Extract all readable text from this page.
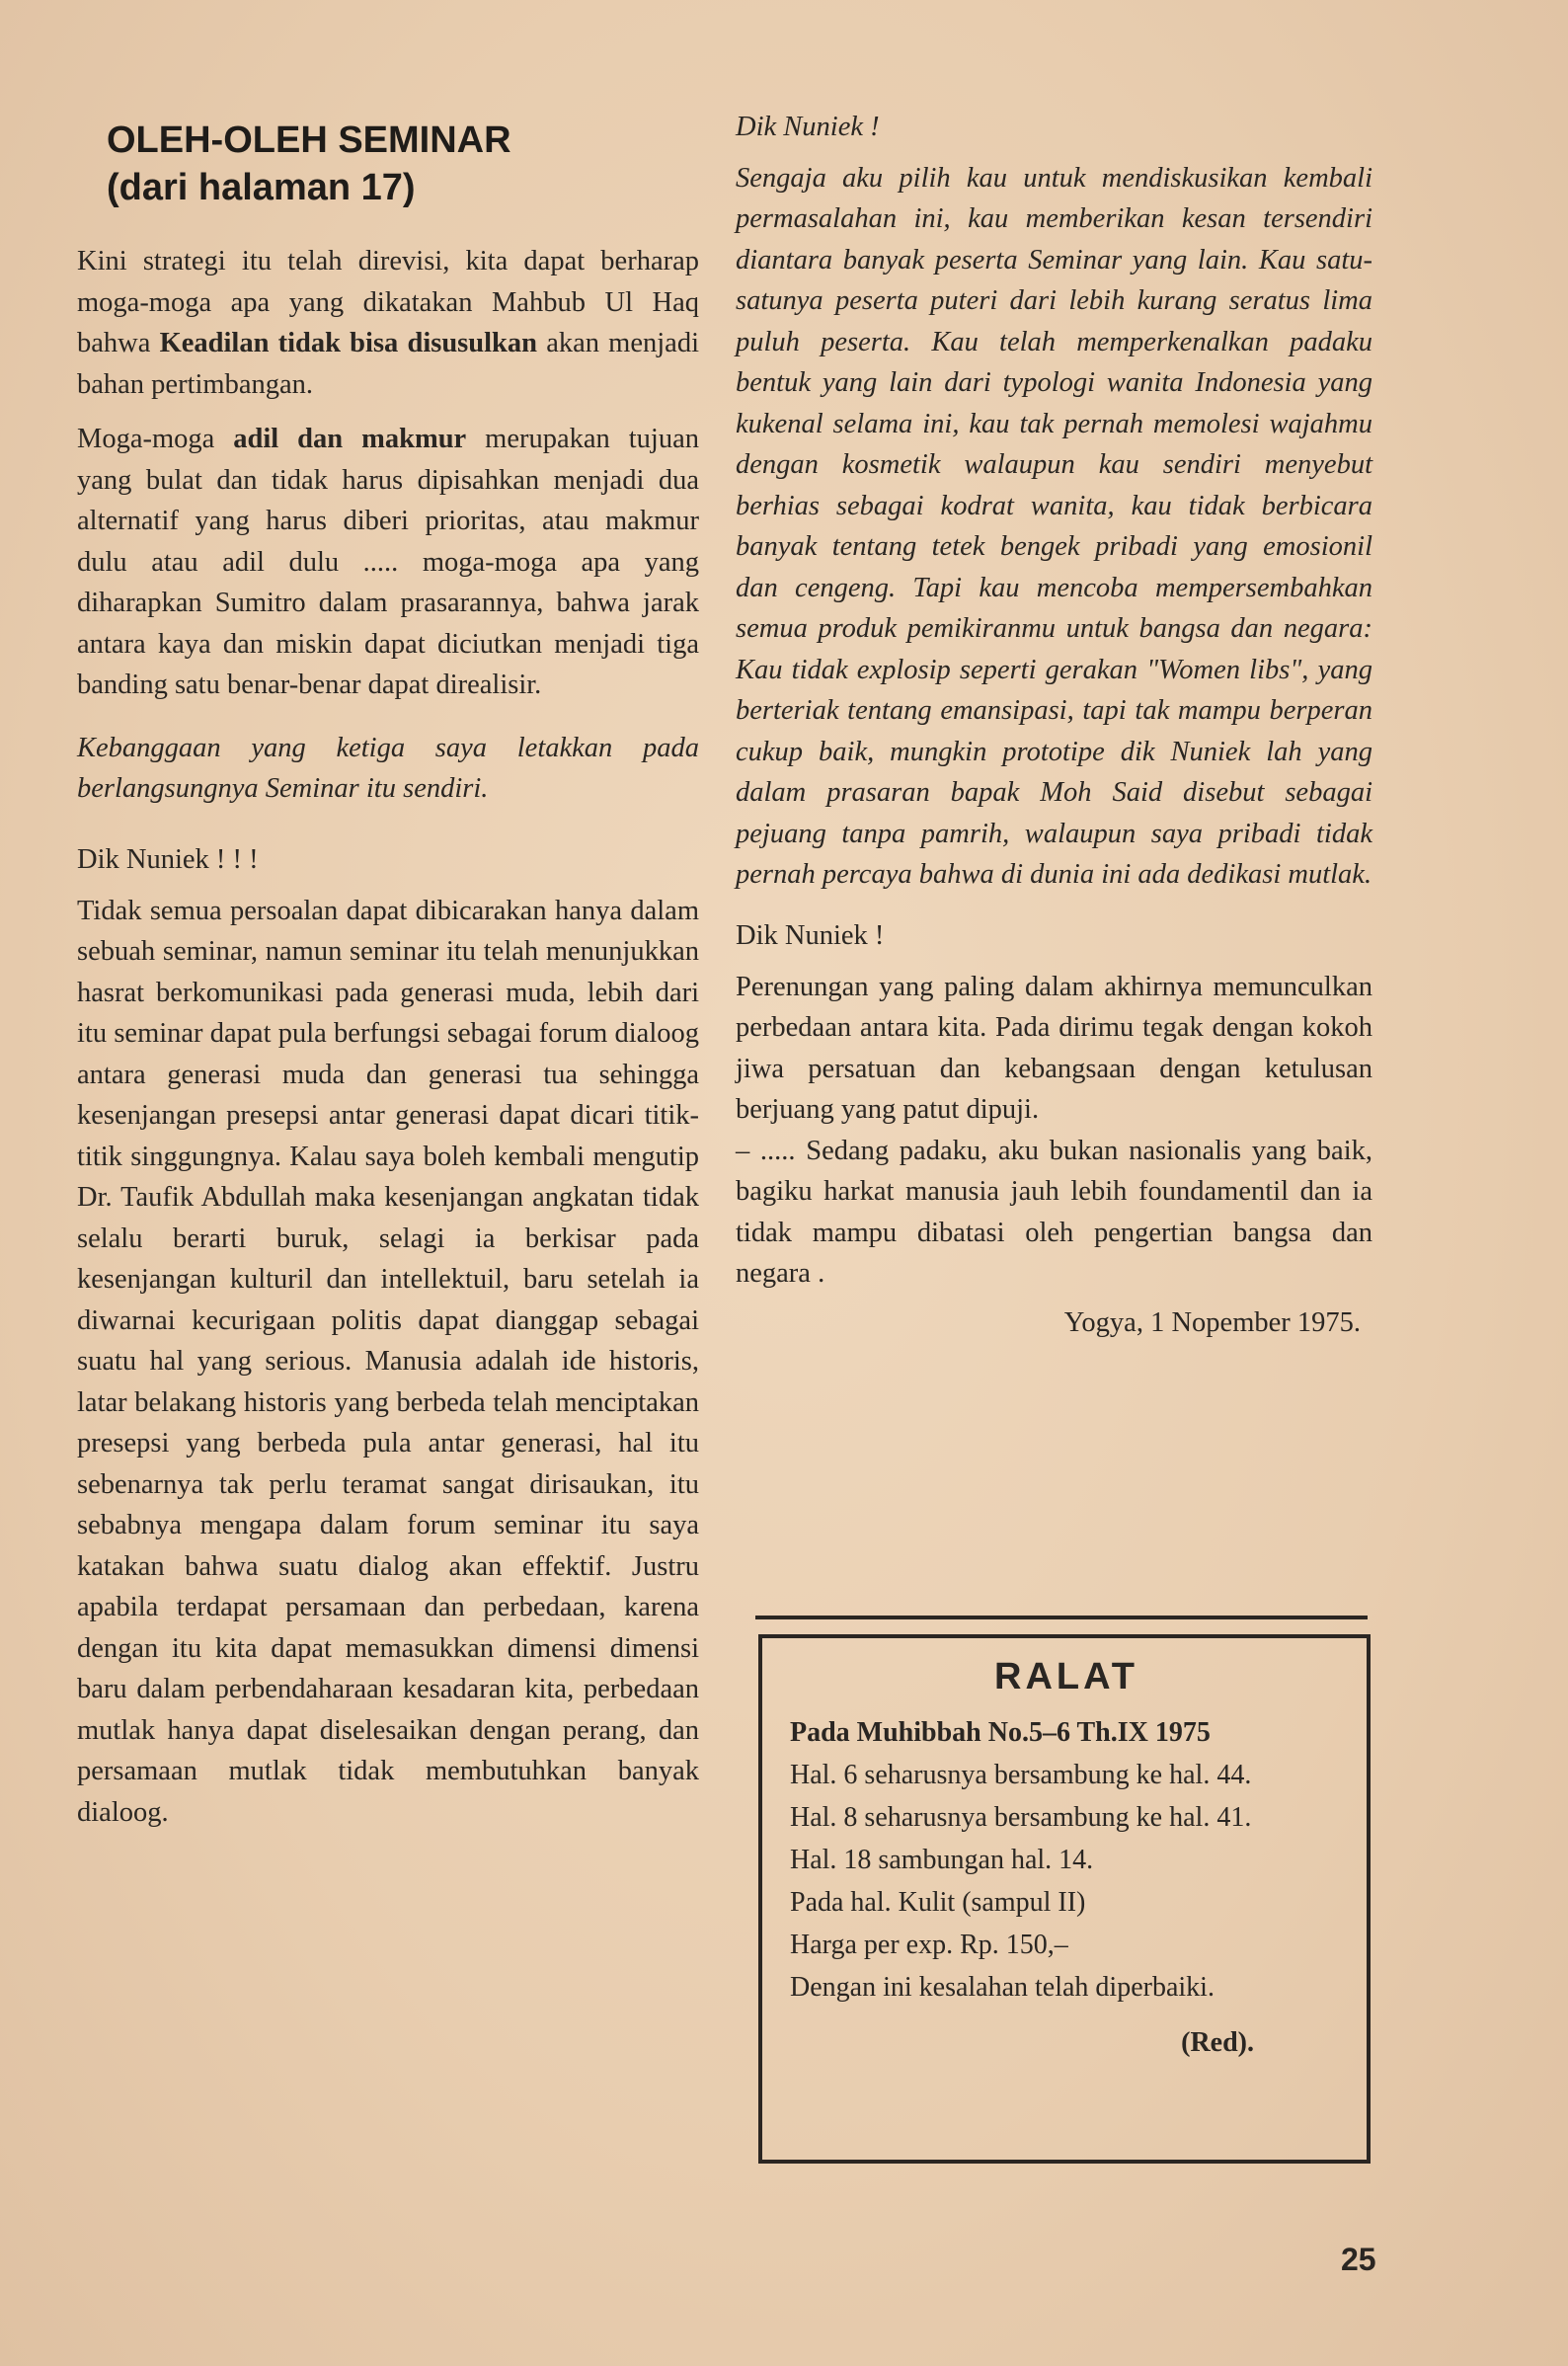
OLEH-OLEH SEMINAR
(dari halaman 17)

Kini strategi itu telah direvisi, kita dapat berharap moga-moga apa yang dikatakan Mahbub Ul Haq bahwa Keadilan tidak bisa disusulkan akan menjadi bahan pertimbangan.

Moga-moga adil dan makmur merupakan tujuan yang bulat dan tidak harus dipisahkan menjadi dua alternatif yang harus diberi prioritas, atau makmur dulu atau adil dulu ..... moga-moga apa yang diharapkan Sumitro dalam prasarannya, bahwa jarak antara kaya dan miskin dapat diciutkan menjadi tiga banding satu benar-benar dapat direalisir.

Kebanggaan yang ketiga saya letakkan pada berlangsungnya Seminar itu sendiri.

Dik Nuniek ! ! !

Tidak semua persoalan dapat dibicarakan hanya dalam sebuah seminar, namun seminar itu telah menunjukkan hasrat berkomunikasi pada generasi muda, lebih dari itu seminar dapat pula berfungsi sebagai forum dialoog antara generasi muda dan generasi tua sehingga kesenjangan presepsi antar generasi dapat dicari titik-titik singgungnya. Kalau saya boleh kembali mengutip Dr. Taufik Abdullah maka kesenjangan angkatan tidak selalu berarti buruk, selagi ia berkisar pada kesenjangan kulturil dan intellektuil, baru setelah ia diwarnai kecurigaan politis dapat dianggap sebagai suatu hal yang serious. Manusia adalah ide historis, latar belakang historis yang berbeda telah menciptakan presepsi yang berbeda pula antar generasi, hal itu sebenarnya tak perlu teramat sangat dirisaukan, itu sebabnya mengapa dalam forum seminar itu saya katakan bahwa suatu dialog akan effektif. Justru apabila terdapat persamaan dan perbedaan, karena dengan itu kita dapat memasukkan dimensi dimensi baru dalam perbendaharaan kesadaran kita, perbedaan mutlak hanya dapat diselesaikan dengan perang, dan persamaan mutlak tidak membutuhkan banyak dialoog.

Dik Nuniek !

Sengaja aku pilih kau untuk mendiskusikan kembali permasalahan ini, kau memberikan kesan tersendiri diantara banyak peserta Seminar yang lain. Kau satu-satunya peserta puteri dari lebih kurang seratus lima puluh peserta. Kau telah memperkenalkan padaku bentuk yang lain dari typologi wanita Indonesia yang kukenal selama ini, kau tak pernah memolesi wajahmu dengan kosmetik walaupun kau sendiri menyebut berhias sebagai kodrat wanita, kau tidak berbicara banyak tentang tetek bengek pribadi yang emosionil dan cengeng. Tapi kau mencoba mempersembahkan semua produk pemikiranmu untuk bangsa dan negara: Kau tidak explosip seperti gerakan "Women libs", yang berteriak tentang emansipasi, tapi tak mampu berperan cukup baik, mungkin prototipe dik Nuniek lah yang dalam prasaran bapak Moh Said disebut sebagai pejuang tanpa pamrih, walaupun saya pribadi tidak pernah percaya bahwa di dunia ini ada dedikasi mutlak.

Dik Nuniek !

Perenungan yang paling dalam akhirnya memunculkan perbedaan antara kita. Pada dirimu tegak dengan kokoh jiwa persatuan dan kebangsaan dengan ketulusan berjuang yang patut dipuji.

– ..... Sedang padaku, aku bukan nasionalis yang baik, bagiku harkat manusia jauh lebih foundamentil dan ia tidak mampu dibatasi oleh pengertian bangsa dan negara .

Yogya, 1 Nopember 1975.

RALAT
Pada Muhibbah No.5–6 Th.IX 1975
Hal. 6 seharusnya bersambung ke hal. 44.
Hal. 8 seharusnya bersambung ke hal. 41.
Hal. 18 sambungan hal. 14.
Pada hal. Kulit (sampul II)
Harga per exp. Rp. 150,–
Dengan ini kesalahan telah diperbaiki.
(Red).
25
